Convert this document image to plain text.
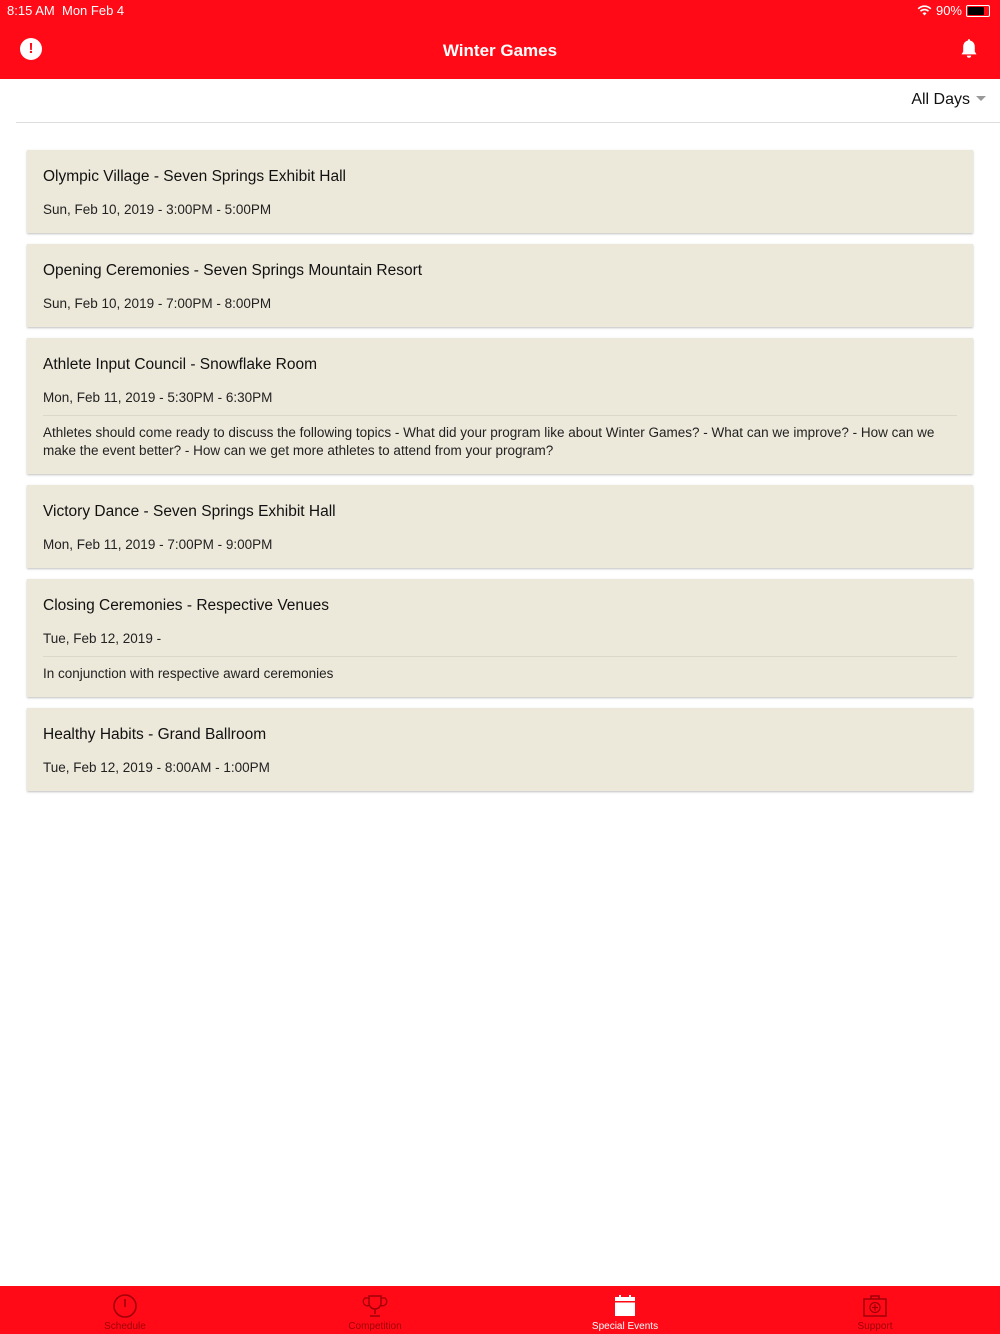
8:15 AM Mon Feb 4	90%
!	Winter Games
All Days
Olympic Village - Seven Springs Exhibit Hall
Sun, Feb 10, 2019 - 3:00PM - 5:00PM
Opening Ceremonies - Seven Springs Mountain Resort
Sun, Feb 10, 2019 - 7:00PM - 8:00PM
Athlete Input Council - Snowflake Room
Mon, Feb 11, 2019 - 5:30PM - 6:30PM
Athletes should come ready to discuss the following topics - What did your program like about Winter Games? - What can we improve? - How can we make the event better? - How can we get more athletes to attend from your program?
Victory Dance - Seven Springs Exhibit Hall
Mon, Feb 11, 2019 - 7:00PM - 9:00PM
Closing Ceremonies - Respective Venues
Tue, Feb 12, 2019 -
In conjunction with respective award ceremonies
Healthy Habits - Grand Ballroom
Tue, Feb 12, 2019 - 8:00AM - 1:00PM
Schedule	Competition	Special Events	Support
